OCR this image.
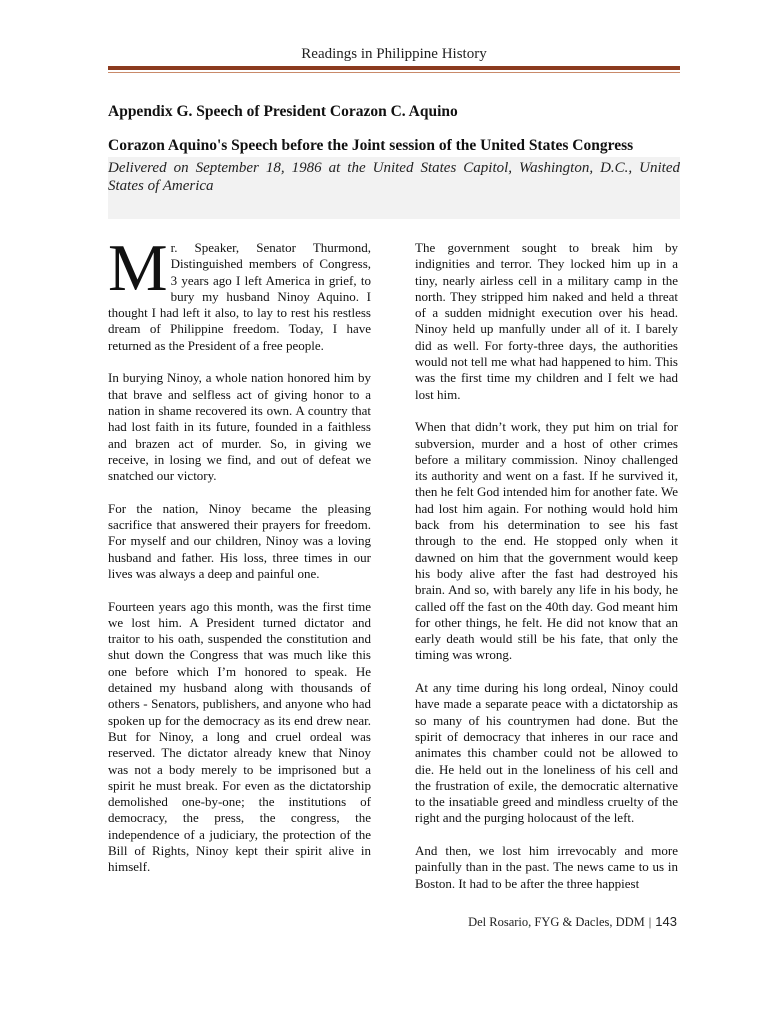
Readings in Philippine History
Appendix G. Speech of President Corazon C. Aquino
Corazon Aquino's Speech before the Joint session of the United States Congress

Delivered on September 18, 1986 at the United States Capitol, Washington, D.C., United States of America

Mr. Speaker, Senator Thurmond, Distinguished members of Congress, 3 years ago I left America in grief, to bury my husband Ninoy Aquino. I thought I had left it also, to lay to rest his restless dream of Philippine freedom. Today, I have returned as the President of a free people.

In burying Ninoy, a whole nation honored him by that brave and selfless act of giving honor to a nation in shame recovered its own. A country that had lost faith in its future, founded in a faithless and brazen act of murder. So, in giving we receive, in losing we find, and out of defeat we snatched our victory.

For the nation, Ninoy became the pleasing sacrifice that answered their prayers for freedom. For myself and our children, Ninoy was a loving husband and father. His loss, three times in our lives was always a deep and painful one.

Fourteen years ago this month, was the first time we lost him. A President turned dictator and traitor to his oath, suspended the constitution and shut down the Congress that was much like this one before which I’m honored to speak. He detained my husband along with thousands of others - Senators, publishers, and anyone who had spoken up for the democracy as its end drew near. But for Ninoy, a long and cruel ordeal was reserved. The dictator already knew that Ninoy was not a body merely to be imprisoned but a spirit he must break. For even as the dictatorship demolished one-by-one; the institutions of democracy, the press, the congress, the independence of a judiciary, the protection of the Bill of Rights, Ninoy kept their spirit alive in himself.

The government sought to break him by indignities and terror. They locked him up in a tiny, nearly airless cell in a military camp in the north. They stripped him naked and held a threat of a sudden midnight execution over his head. Ninoy held up manfully under all of it. I barely did as well. For forty-three days, the authorities would not tell me what had happened to him. This was the first time my children and I felt we had lost him.

When that didn’t work, they put him on trial for subversion, murder and a host of other crimes before a military commission. Ninoy challenged its authority and went on a fast. If he survived it, then he felt God intended him for another fate. We had lost him again. For nothing would hold him back from his determination to see his fast through to the end. He stopped only when it dawned on him that the government would keep his body alive after the fast had destroyed his brain. And so, with barely any life in his body, he called off the fast on the 40th day. God meant him for other things, he felt. He did not know that an early death would still be his fate, that only the timing was wrong.

At any time during his long ordeal, Ninoy could have made a separate peace with a dictatorship as so many of his countrymen had done. But the spirit of democracy that inheres in our race and animates this chamber could not be allowed to die. He held out in the loneliness of his cell and the frustration of exile, the democratic alternative to the insatiable greed and mindless cruelty of the right and the purging holocaust of the left.

And then, we lost him irrevocably and more painfully than in the past. The news came to us in Boston. It had to be after the three happiest

Del Rosario, FYG & Dacles, DDM | 143
